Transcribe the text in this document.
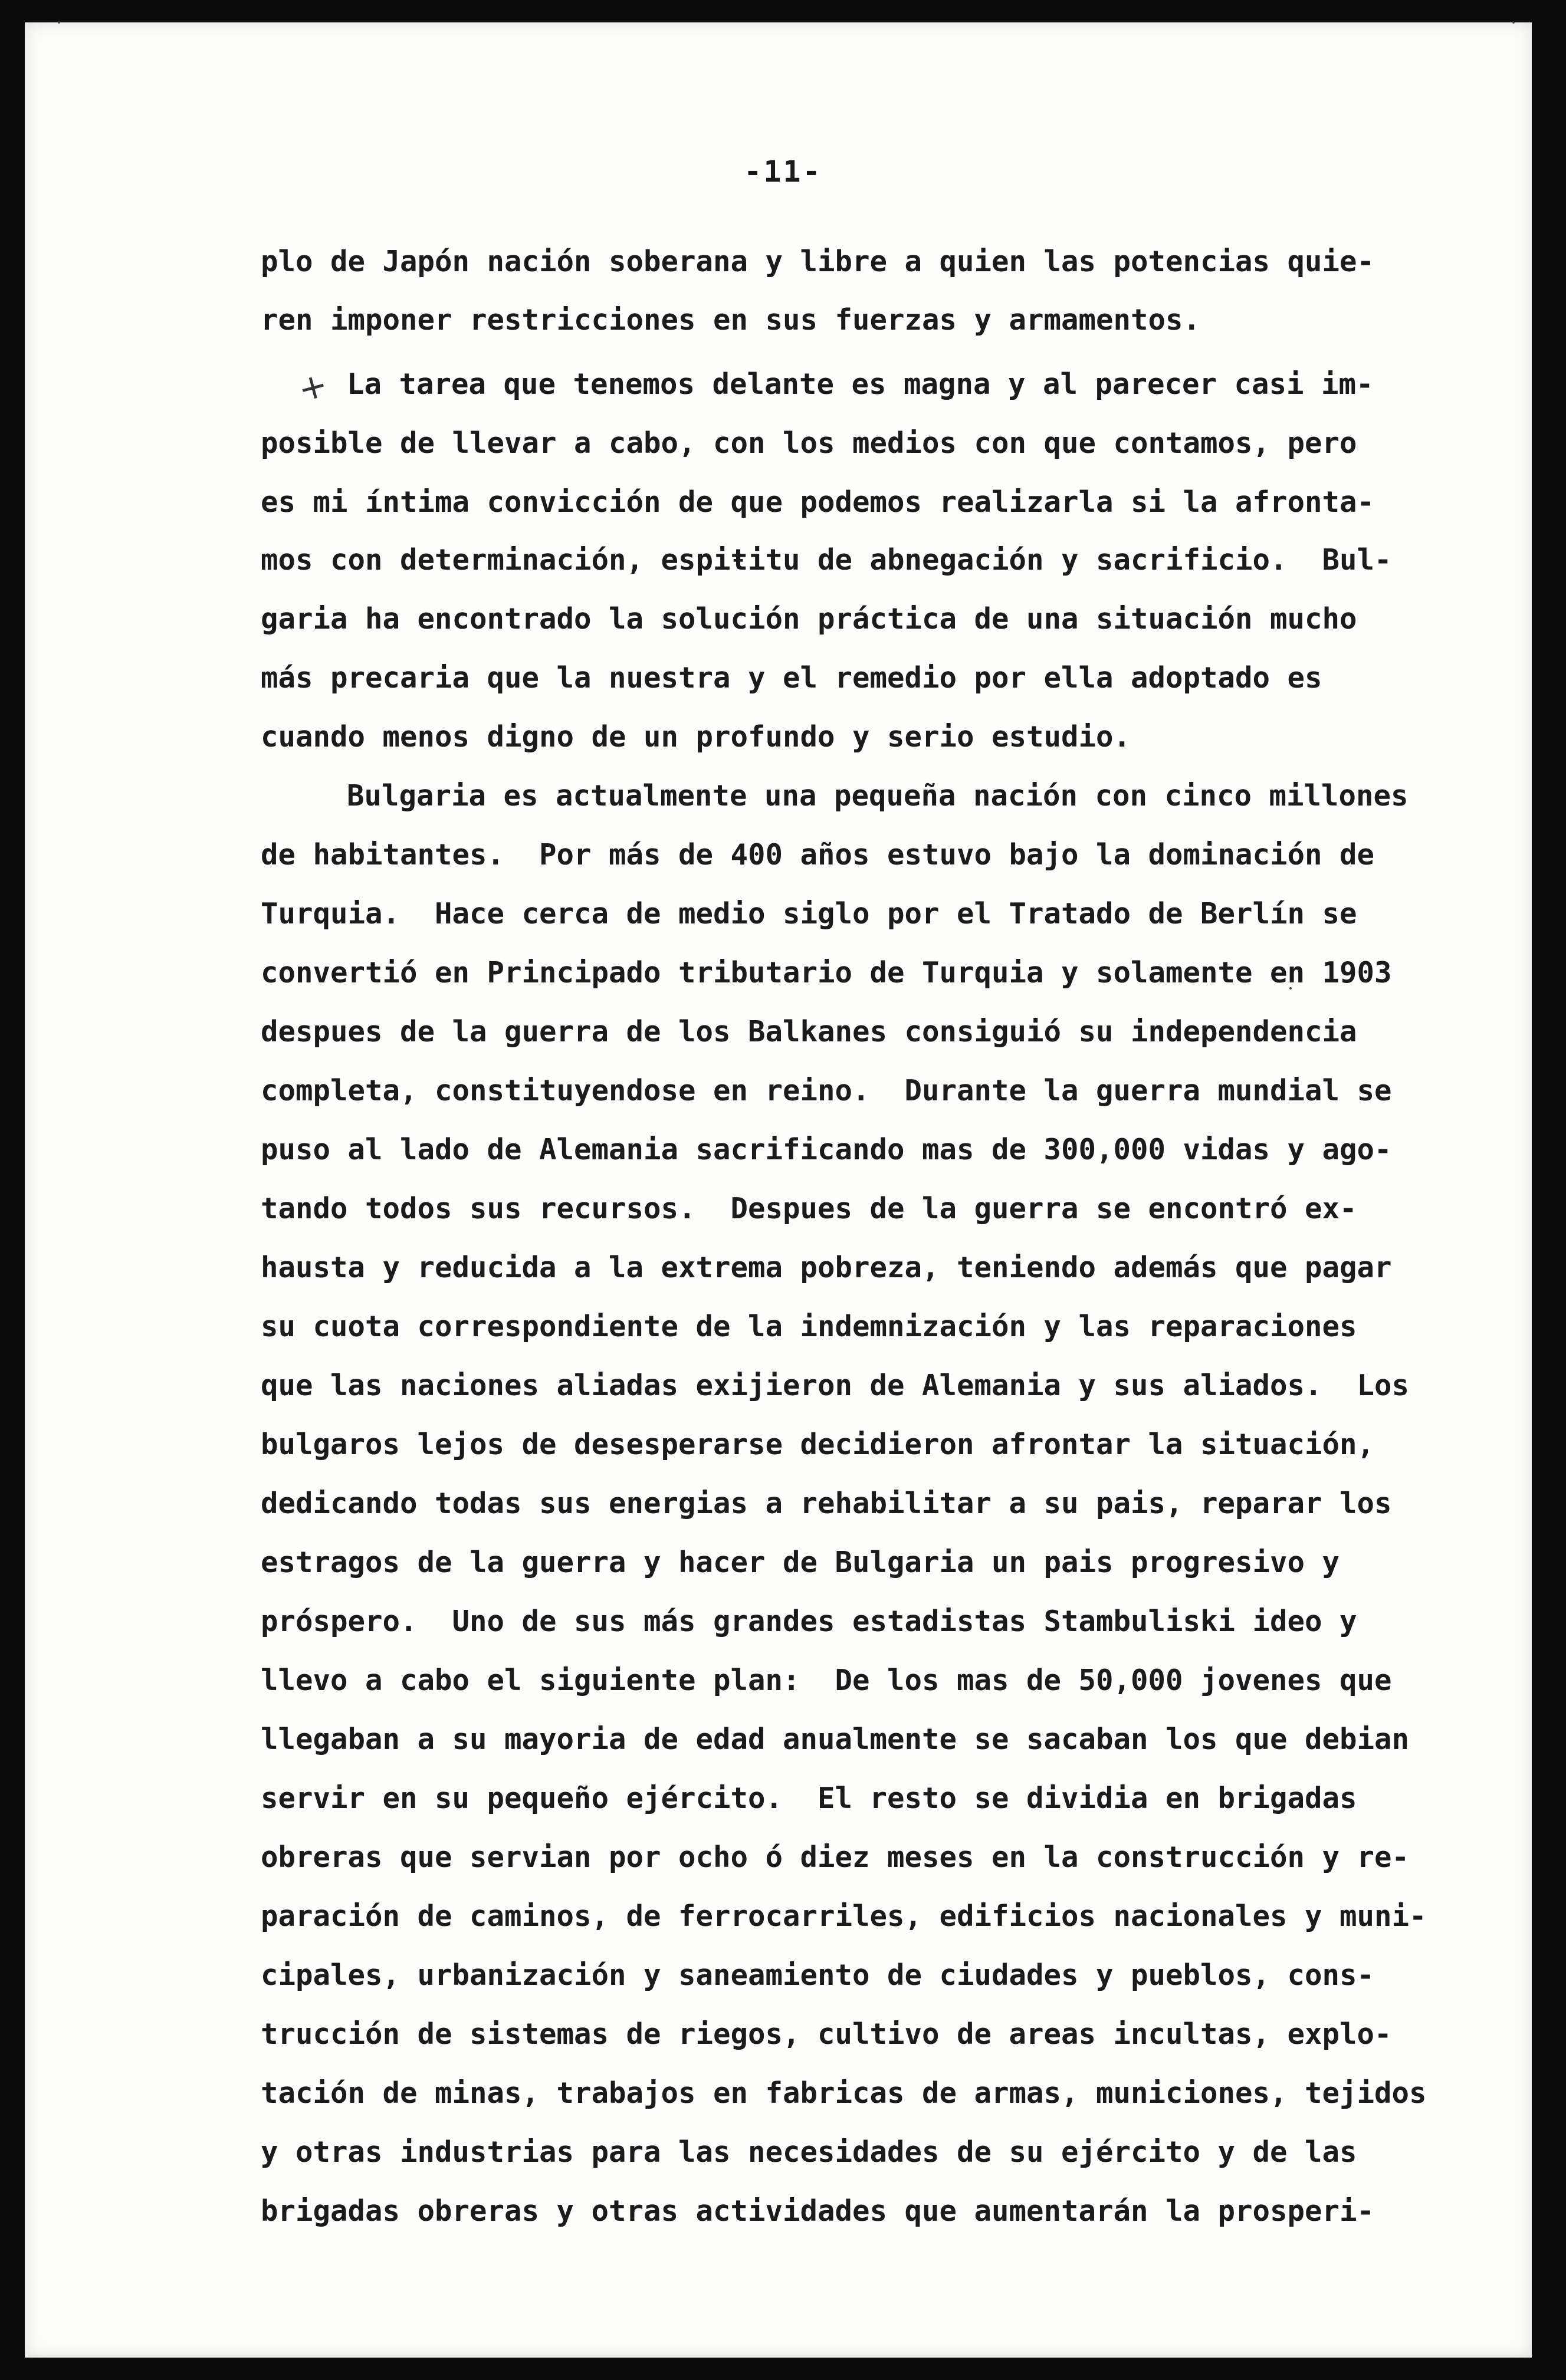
-11-
+
plo de Japón nación soberana y libre a quien las potencias quie-
ren imponer restricciones en sus fuerzas y armamentos.
La tarea que tenemos delante es magna y al parecer casi im-
posible de llevar a cabo, con los medios con que contamos, pero
es mi íntima convicción de que podemos realizarla si la afronta-
mos con determinación, espiŧitu de abnegación y sacrificio.  Bul-
garia ha encontrado la solución práctica de una situación mucho
más precaria que la nuestra y el remedio por ella adoptado es
cuando menos digno de un profundo y serio estudio.
Bulgaria es actualmente una pequeña nación con cinco millones
de habitantes.  Por más de 400 años estuvo bajo la dominación de
Turquia.  Hace cerca de medio siglo por el Tratado de Berlín se
convertió en Principado tributario de Turquia y solamente en 1903
despues de la guerra de los Balkanes consiguió su independencia
completa, constituyendose en reino.  Durante la guerra mundial se
puso al lado de Alemania sacrificando mas de 300,000 vidas y ago-
tando todos sus recursos.  Despues de la guerra se encontró ex-
hausta y reducida a la extrema pobreza, teniendo además que pagar
su cuota correspondiente de la indemnización y las reparaciones
que las naciones aliadas exijieron de Alemania y sus aliados.  Los
bulgaros lejos de desesperarse decidieron afrontar la situación,
dedicando todas sus energias a rehabilitar a su pais, reparar los
estragos de la guerra y hacer de Bulgaria un pais progresivo y
próspero.  Uno de sus más grandes estadistas Stambuliski ideo y
llevo a cabo el siguiente plan:  De los mas de 50,000 jovenes que
llegaban a su mayoria de edad anualmente se sacaban los que debian
servir en su pequeño ejército.  El resto se dividia en brigadas
obreras que servian por ocho ó diez meses en la construcción y re-
paración de caminos, de ferrocarriles, edificios nacionales y muni-
cipales, urbanización y saneamiento de ciudades y pueblos, cons-
trucción de sistemas de riegos, cultivo de areas incultas, explo-
tación de minas, trabajos en fabricas de armas, municiones, tejidos
y otras industrias para las necesidades de su ejército y de las
brigadas obreras y otras actividades que aumentarán la prosperi-
